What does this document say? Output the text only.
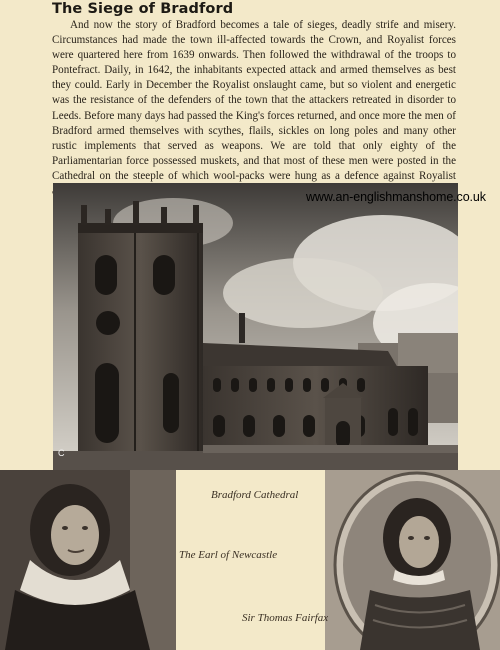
The Siege of Bradford
And now the story of Bradford becomes a tale of sieges, deadly strife and misery. Circumstances had made the town ill-affected towards the Crown, and Royalist forces were quartered here from 1639 onwards. Then followed the withdrawal of the troops to Pontefract. Daily, in 1642, the inhabitants expected attack and armed themselves as best they could. Early in December the Royalist onslaught came, but so violent and energetic was the resistance of the defenders of the town that the attackers retreated in disorder to Leeds. Before many days had passed the King's forces returned, and once more the men of Bradford armed themselves with scythes, flails, sickles on long poles and many other rustic implements that served as weapons. We are told that only eighty of the Parliamentarian force possessed muskets, and that most of these men were posted in the Cathedral on the steeple of which wool-packs were hung as a defence against Royalist
www.an-englishmanshome.co.uk
C
Bradford Cathedral
The Earl of Newcastle
Sir Thomas Fairfax
